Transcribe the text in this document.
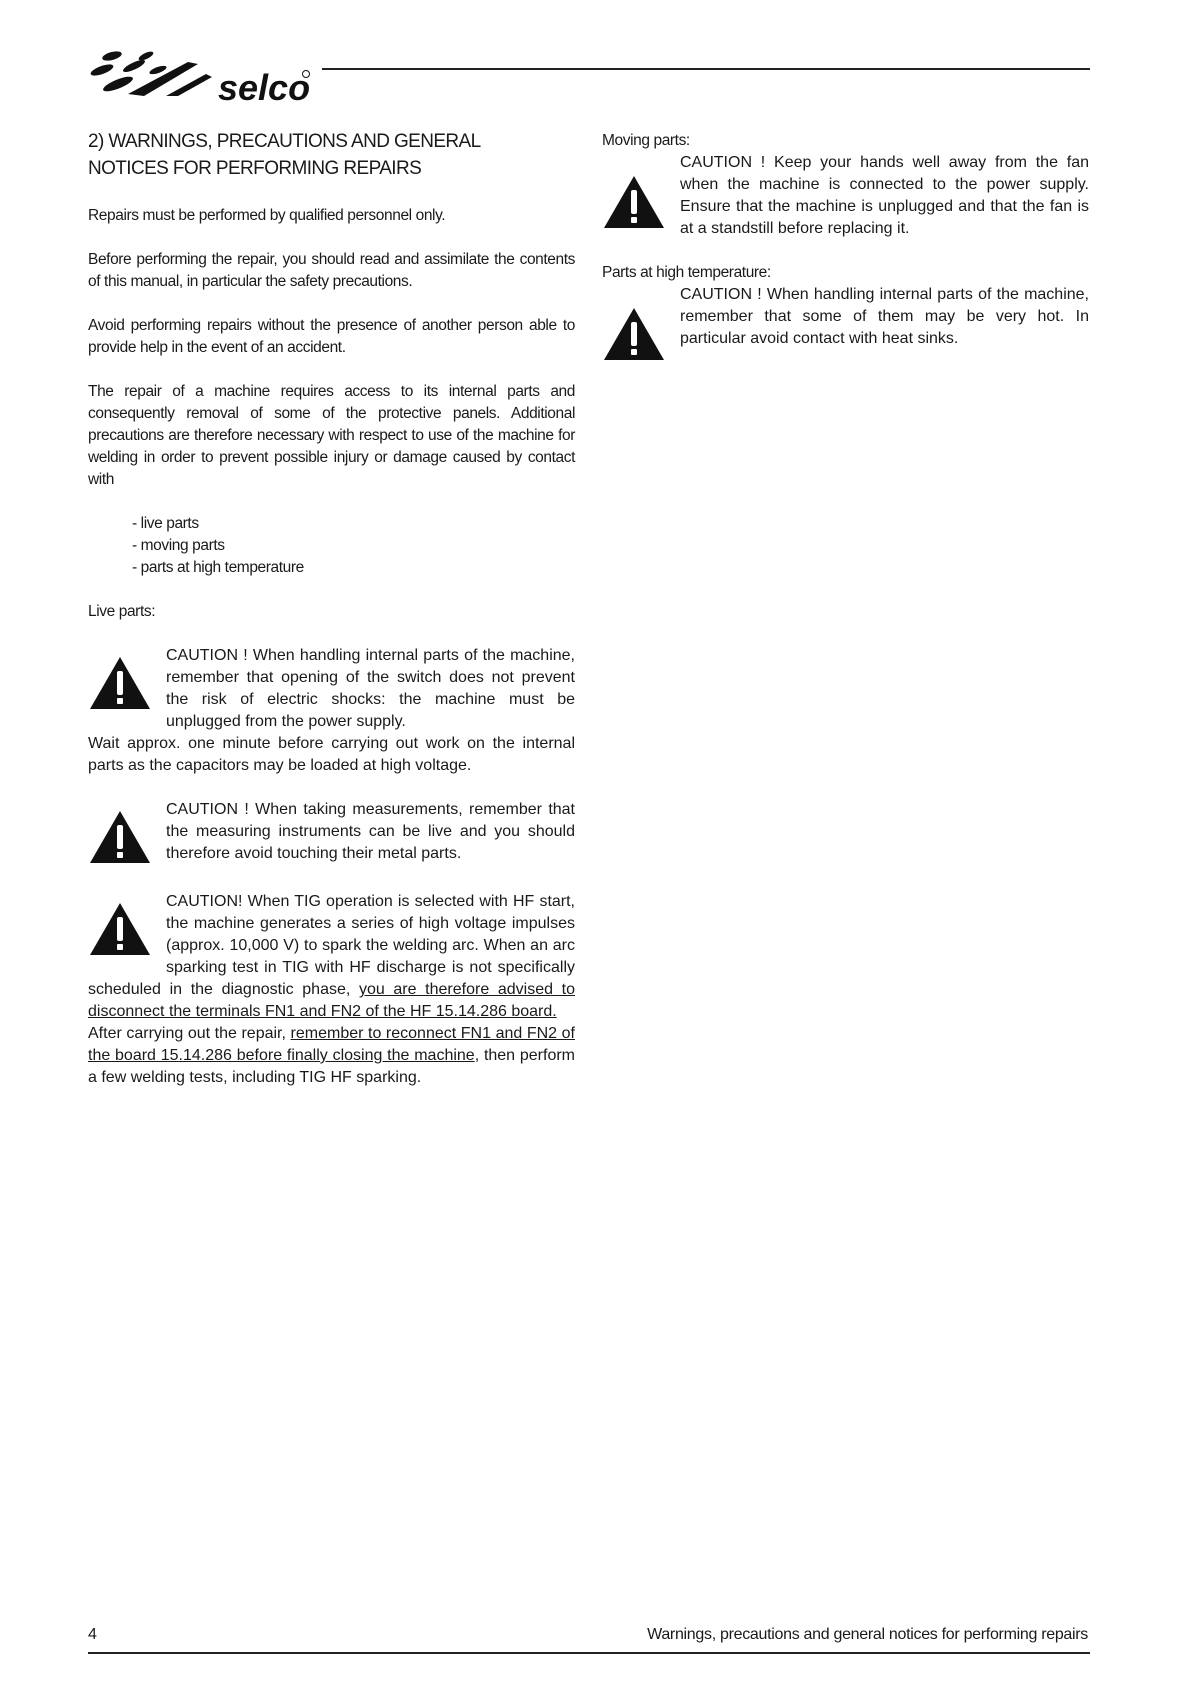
selco
2) WARNINGS, PRECAUTIONS AND GENERAL
NOTICES FOR PERFORMING REPAIRS

Repairs must be performed by qualified personnel only.

Before performing the repair, you should read and assimilate the contents of this manual, in particular the safety precautions.

Avoid performing repairs without the presence of another person able to provide help in the event of an accident.

The repair of a machine requires access to its internal parts and consequently removal of some of the protective panels. Additional precautions are therefore necessary with respect to use of the machine for welding in order to prevent possible injury or damage caused by contact with

- live parts
- moving parts
- parts at high temperature

Live parts:

CAUTION ! When handling internal parts of the machine, remember that opening of the switch does not prevent the risk of electric shocks: the machine must be unplugged from the power supply.
Wait approx. one minute before carrying out work on the internal parts as the capacitors may be loaded at high voltage.
CAUTION ! When taking measurements, remember that the measuring instruments can be live and you should therefore avoid touching their metal parts.
CAUTION! When TIG operation is selected with HF start, the machine generates a series of high voltage impulses (approx. 10,000 V) to spark the welding arc. When an arc sparking test in TIG with HF discharge is not specifically scheduled in the diagnostic phase, you are therefore advised to disconnect the terminals FN1 and FN2 of the HF 15.14.286 board.
After carrying out the repair, remember to reconnect FN1 and FN2 of the board 15.14.286 before finally closing the machine, then perform a few welding tests, including TIG HF sparking.
Moving parts:
CAUTION ! Keep your hands well away from the fan when the machine is connected to the power supply. Ensure that the machine is unplugged and that the fan is at a standstill before replacing it.
Parts at high temperature:
CAUTION ! When handling internal parts of the machine, remember that some of them may be very hot. In particular avoid contact with heat sinks.
4	Warnings, precautions and general notices for performing repairs
